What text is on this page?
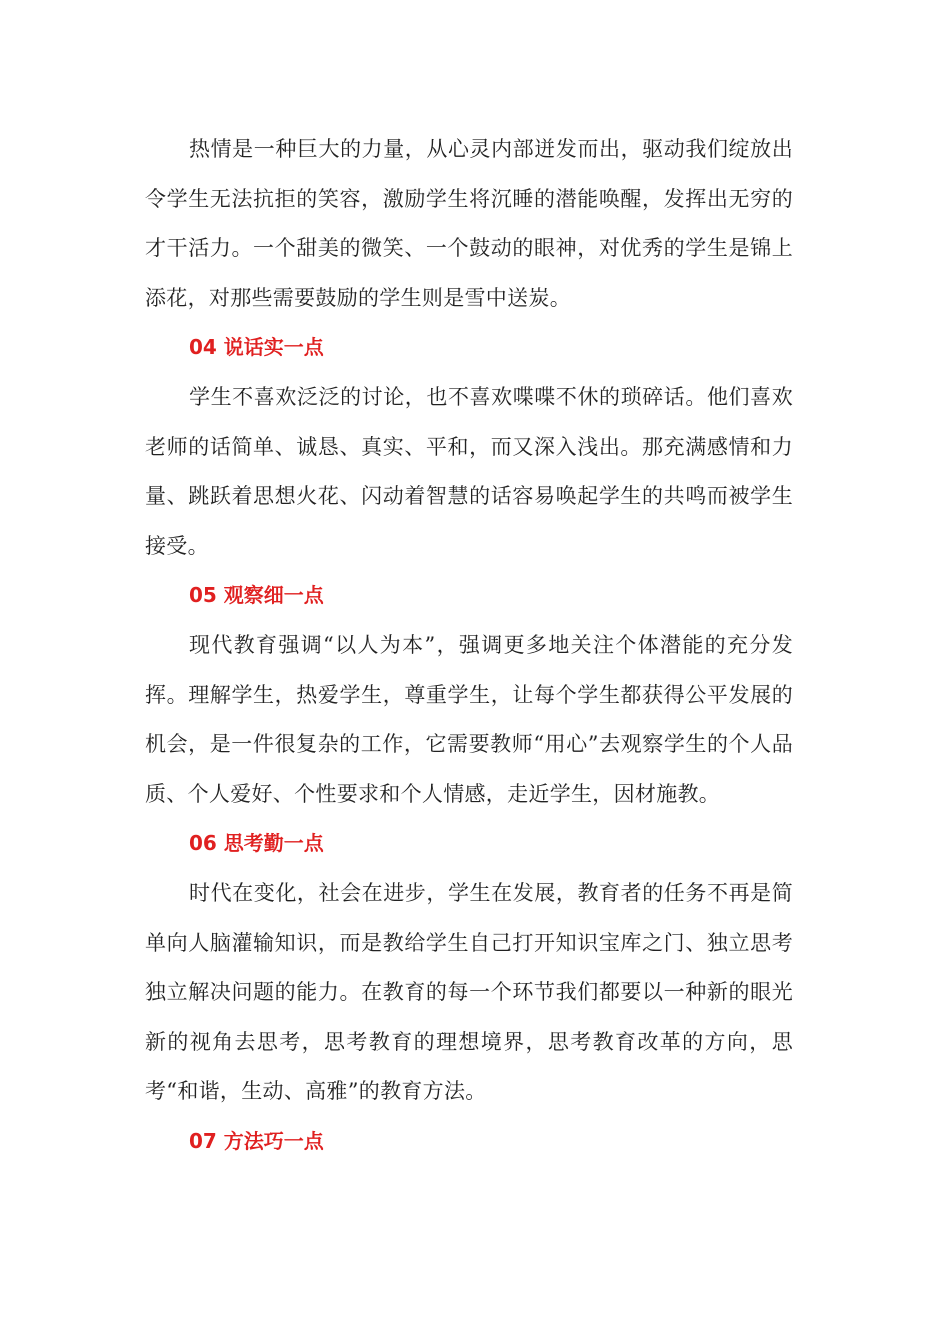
热情是一种巨大的力量，从心灵内部迸发而出，驱动我们绽放出令学生无法抗拒的笑容，激励学生将沉睡的潜能唤醒，发挥出无穷的才干活力。一个甜美的微笑、一个鼓动的眼神，对优秀的学生是锦上添花，对那些需要鼓励的学生则是雪中送炭。

04 说话实一点

学生不喜欢泛泛的讨论，也不喜欢喋喋不休的琐碎话。他们喜欢老师的话简单、诚恳、真实、平和，而又深入浅出。那充满感情和力量、跳跃着思想火花、闪动着智慧的话容易唤起学生的共鸣而被学生接受。

05 观察细一点

现代教育强调“以人为本”，强调更多地关注个体潜能的充分发挥。理解学生，热爱学生，尊重学生，让每个学生都获得公平发展的机会，是一件很复杂的工作，它需要教师“用心”去观察学生的个人品质、个人爱好、个性要求和个人情感，走近学生，因材施教。

06 思考勤一点

时代在变化，社会在进步，学生在发展，教育者的任务不再是简单向人脑灌输知识，而是教给学生自己打开知识宝库之门、独立思考独立解决问题的能力。在教育的每一个环节我们都要以一种新的眼光新的视角去思考，思考教育的理想境界，思考教育改革的方向，思考“和谐，生动、高雅”的教育方法。

07 方法巧一点
